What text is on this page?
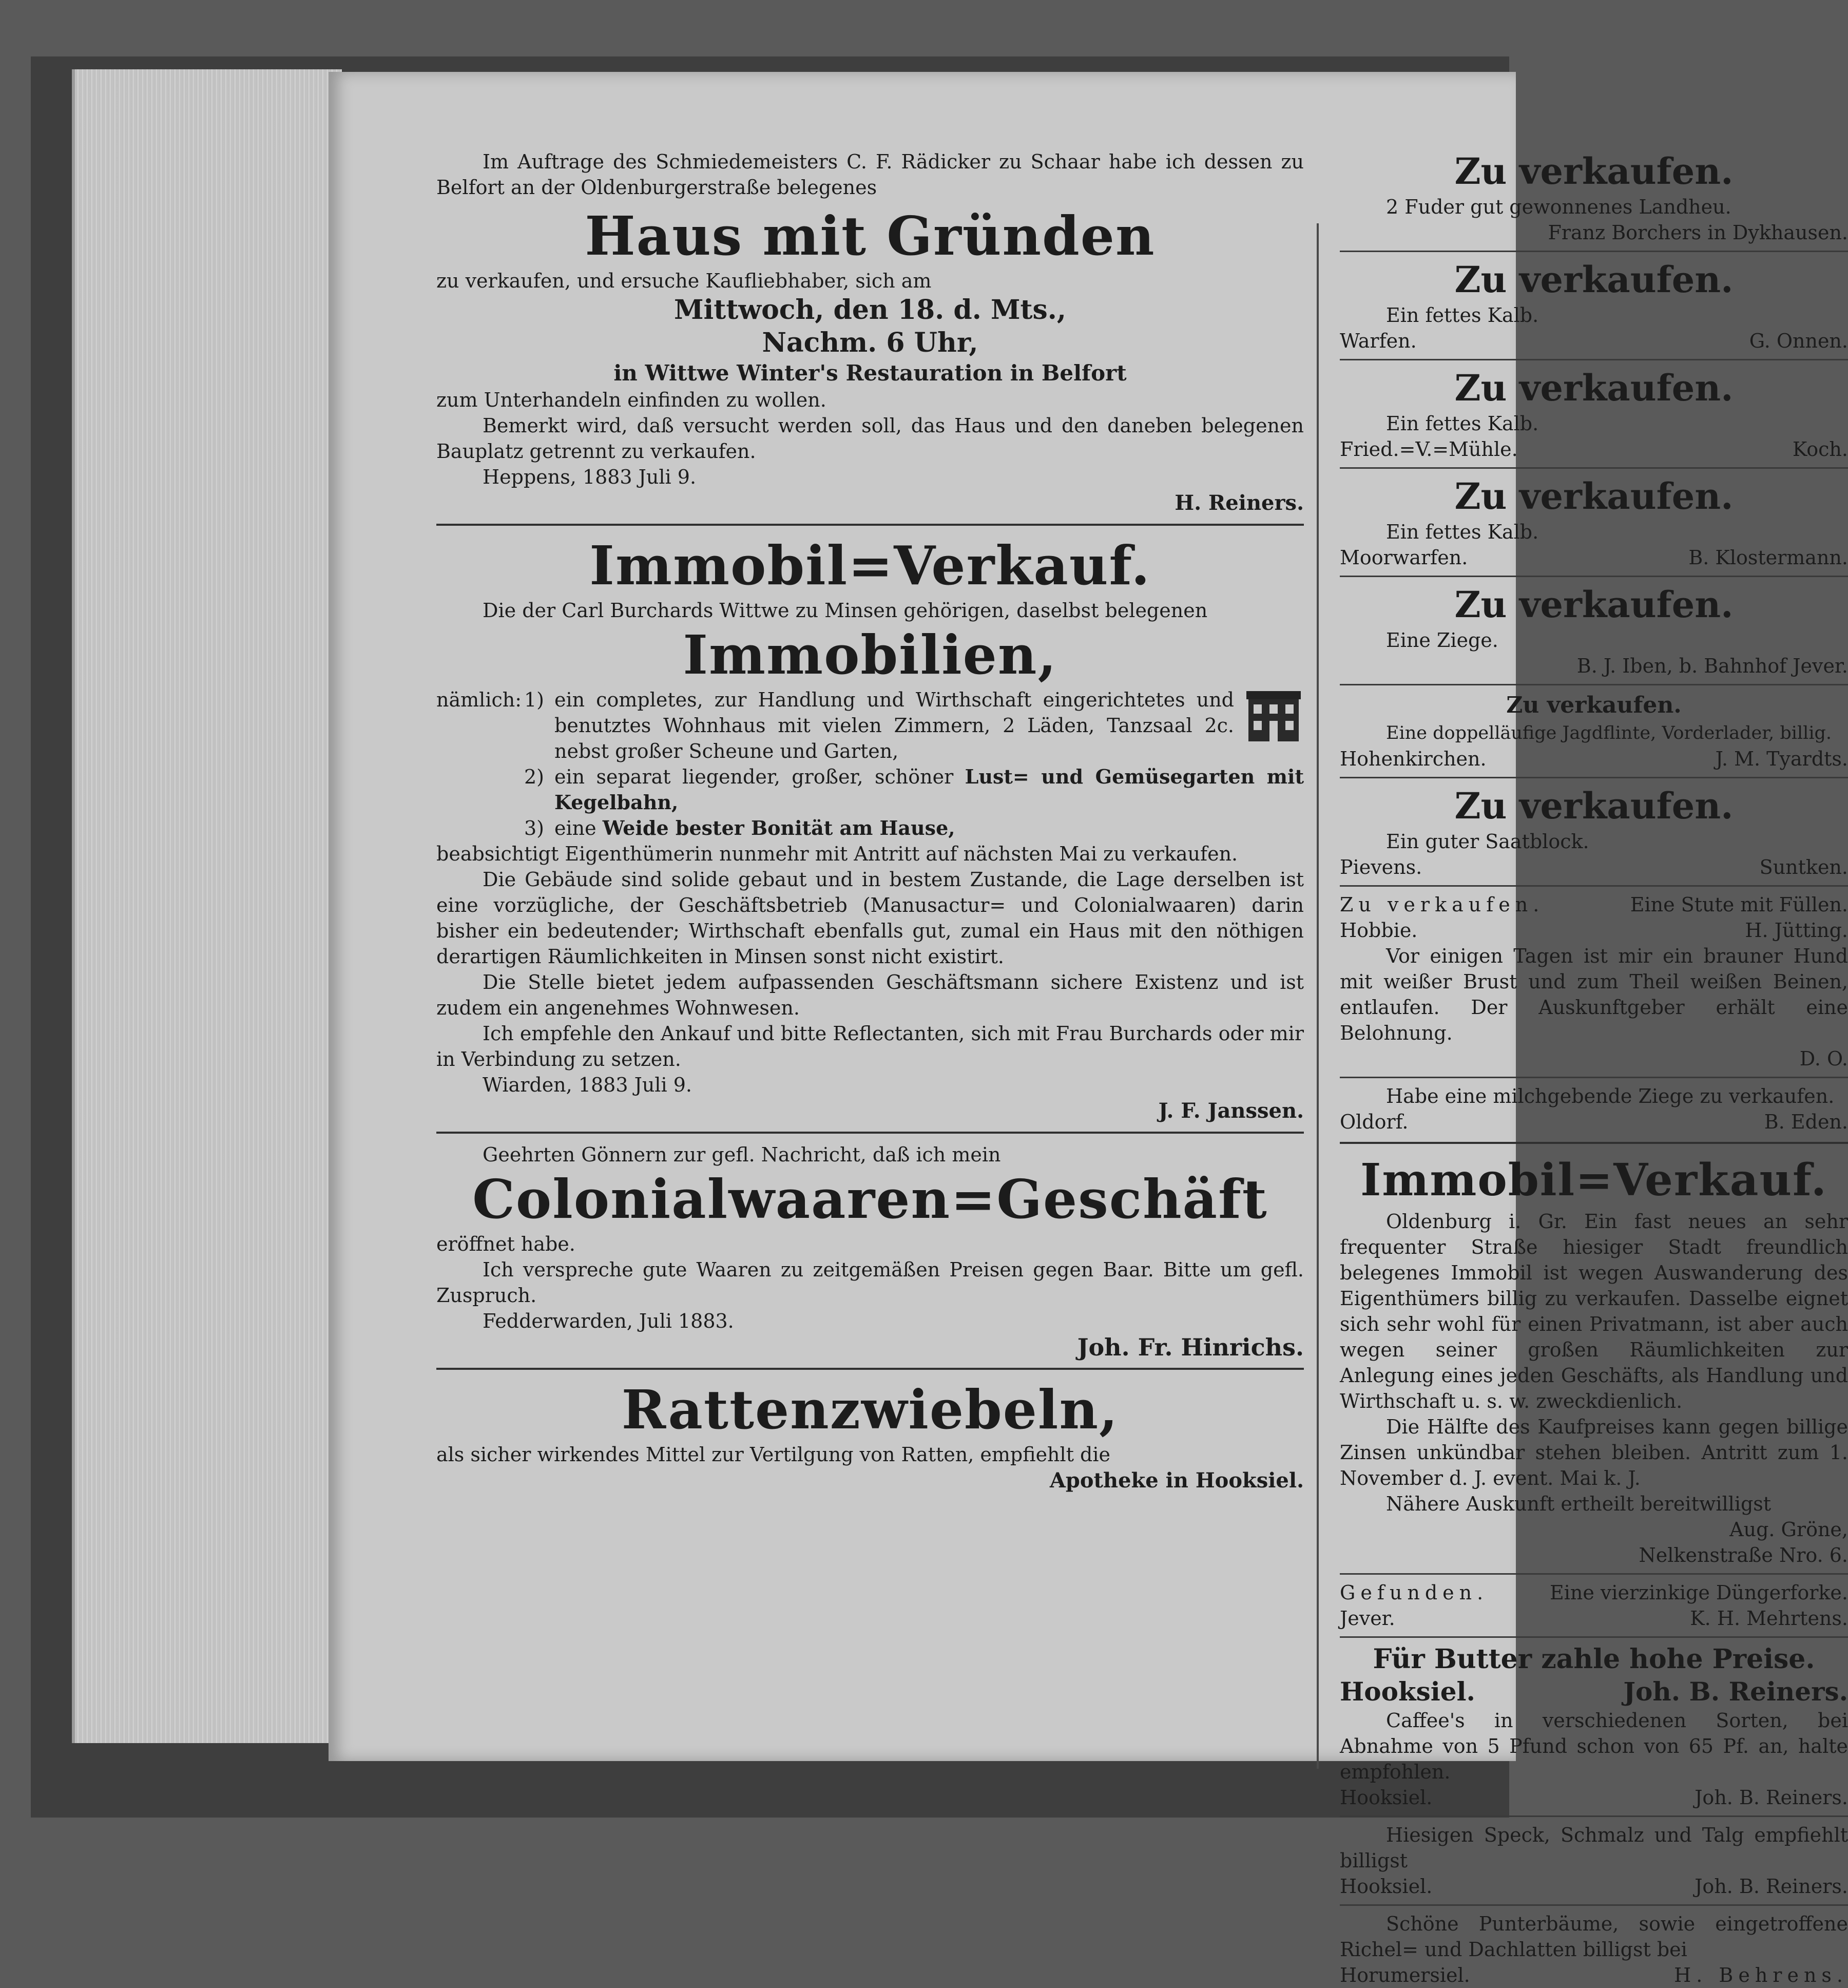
Im Auftrage des Schmiedemeisters C. F. Rädicker zu Schaar habe ich dessen zu Belfort an der Oldenburgerstraße belegenes

Haus mit Gründen

zu verkaufen, und ersuche Kaufliebhaber, sich am

Mittwoch, den 18. d. Mts.,

Nachm. 6 Uhr,

in Wittwe Winter's Restauration in Belfort

zum Unterhandeln einfinden zu wollen.

Bemerkt wird, daß versucht werden soll, das Haus und den daneben belegenen Bauplatz getrennt zu verkaufen.

Heppens, 1883 Juli 9.

H. Reiners.

Immobil=Verkauf.

Die der Carl Burchards Wittwe zu Minsen gehörigen, daselbst belegenen

Immobilien,

nämlich: 1) ein completes, zur Handlung und Wirthschaft eingerichtetes und benutztes Wohnhaus mit vielen Zimmern, 2 Läden, Tanzsaal 2c. nebst großer Scheune und Garten,
2) ein separat liegender, großer, schöner Lust= und Gemüsegarten mit Kegelbahn,
3) eine Weide bester Bonität am Hause,

beabsichtigt Eigenthümerin nunmehr mit Antritt auf nächsten Mai zu verkaufen.

Die Gebäude sind solide gebaut und in bestem Zustande, die Lage derselben ist eine vorzügliche, der Geschäftsbetrieb (Manusactur= und Colonialwaaren) darin bisher ein bedeutender; Wirthschaft ebenfalls gut, zumal ein Haus mit den nöthigen derartigen Räumlichkeiten in Minsen sonst nicht existirt.

Die Stelle bietet jedem aufpassenden Geschäftsmann sichere Existenz und ist zudem ein angenehmes Wohnwesen.

Ich empfehle den Ankauf und bitte Reflectanten, sich mit Frau Burchards oder mir in Verbindung zu setzen.

Wiarden, 1883 Juli 9.

J. F. Janssen.

Geehrten Gönnern zur gefl. Nachricht, daß ich mein

Colonialwaaren=Geschäft

eröffnet habe.

Ich verspreche gute Waaren zu zeitgemäßen Preisen gegen Baar. Bitte um gefl. Zuspruch.

Fedderwarden, Juli 1883.

Joh. Fr. Hinrichs.

Rattenzwiebeln,

als sicher wirkendes Mittel zur Vertilgung von Ratten, empfiehlt die

Apotheke in Hooksiel.

Zu verkaufen.

2 Fuder gut gewonnenes Landheu.

Franz Borchers in Dykhausen.

Zu verkaufen.

Ein fettes Kalb.

Warfen.	G. Onnen.

Zu verkaufen.

Ein fettes Kalb.

Fried.=V.=Mühle.	Koch.

Zu verkaufen.

Ein fettes Kalb.

Moorwarfen.	B. Klostermann.

Zu verkaufen.

Eine Ziege.

B. J. Iben, b. Bahnhof Jever.

Zu verkaufen.

Eine doppelläufige Jagdflinte, Vorderlader, billig.

Hohenkirchen.	J. M. Tyardts.

Zu verkaufen.

Ein guter Saatblock.

Pievens.	Suntken.
Zu verkaufen.	Eine Stute mit Füllen.
Hobbie.	H. Jütting.

Vor einigen Tagen ist mir ein brauner Hund mit weißer Brust und zum Theil weißen Beinen, entlaufen. Der Auskunftgeber erhält eine Belohnung.

D. O.

Habe eine milchgebende Ziege zu verkaufen.

Oldorf.	B. Eden.

Immobil=Verkauf.

Oldenburg i. Gr. Ein fast neues an sehr frequenter Straße hiesiger Stadt freundlich belegenes Immobil ist wegen Auswanderung des Eigenthümers billig zu verkaufen. Dasselbe eignet sich sehr wohl für einen Privatmann, ist aber auch wegen seiner großen Räumlichkeiten zur Anlegung eines jeden Geschäfts, als Handlung und Wirthschaft u. s. w. zweckdienlich.

Die Hälfte des Kaufpreises kann gegen billige Zinsen unkündbar stehen bleiben. Antritt zum 1. November d. J. event. Mai k. J.

Nähere Auskunft ertheilt bereitwilligst

Aug. Gröne,

Nelkenstraße Nro. 6.

Gefunden.	Eine vierzinkige Düngerforke.
Jever.	K. H. Mehrtens.

Für Butter zahle hohe Preise.

Hooksiel.	Joh. B. Reiners.

Caffee's in verschiedenen Sorten, bei Abnahme von 5 Pfund schon von 65 Pf. an, halte empfohlen.

Hooksiel.	Joh. B. Reiners.

Hiesigen Speck, Schmalz und Talg empfiehlt billigst

Hooksiel.	Joh. B. Reiners.

Schöne Punterbäume, sowie eingetroffene Richel= und Dachlatten billigst bei

Horumersiel.	H. Behrens.
